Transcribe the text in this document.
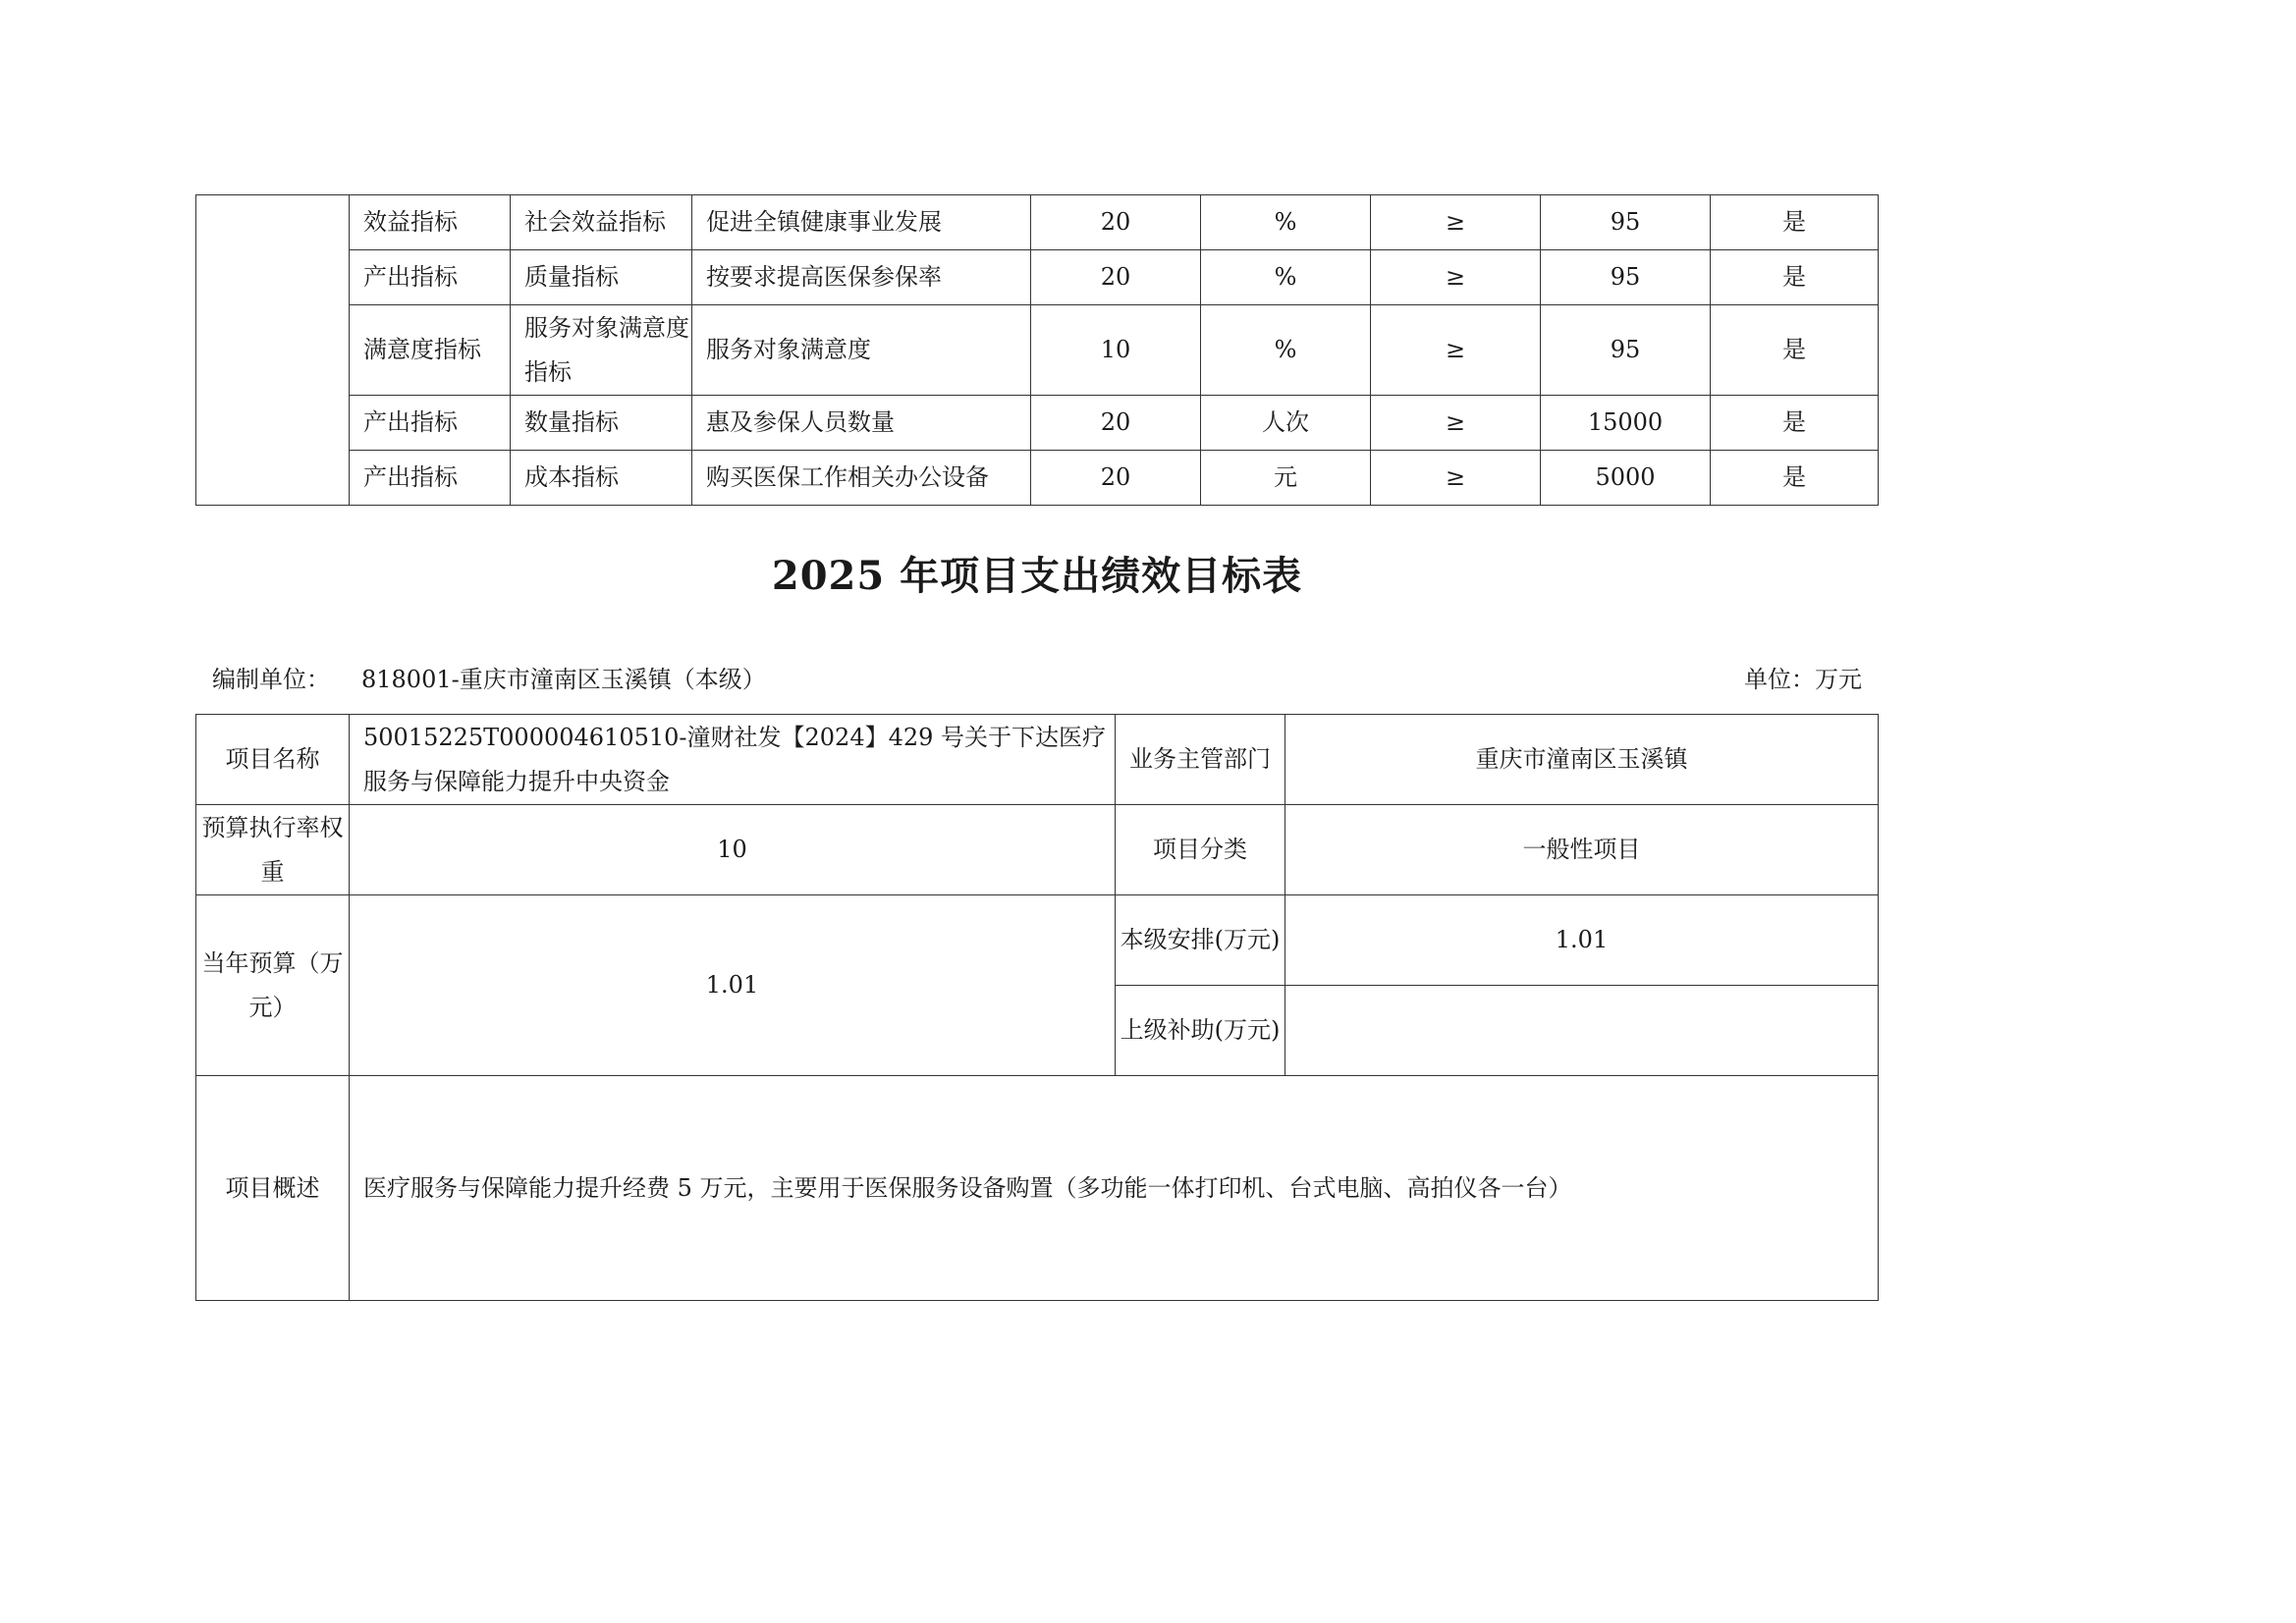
	效益指标	社会效益指标	促进全镇健康事业发展	20	%	≥	95	是
	产出指标	质量指标	按要求提高医保参保率	20	%	≥	95	是
	满意度指标	服务对象满意度指标	服务对象满意度	10	%	≥	95	是
	产出指标	数量指标	惠及参保人员数量	20	人次	≥	15000	是
	产出指标	成本指标	购买医保工作相关办公设备	20	元	≥	5000	是
2025 年项目支出绩效目标表
编制单位： 818001-重庆市潼南区玉溪镇（本级）	单位：万元
项目名称	50015225T000004610510-潼财社发【2024】429 号关于下达医疗服务与保障能力提升中央资金	业务主管部门	重庆市潼南区玉溪镇
预算执行率权重	10	项目分类	一般性项目
当年预算（万元）	1.01	本级安排(万元)	1.01
		上级补助(万元)	
项目概述	医疗服务与保障能力提升经费 5 万元，主要用于医保服务设备购置（多功能一体打印机、台式电脑、高拍仪各一台）		
